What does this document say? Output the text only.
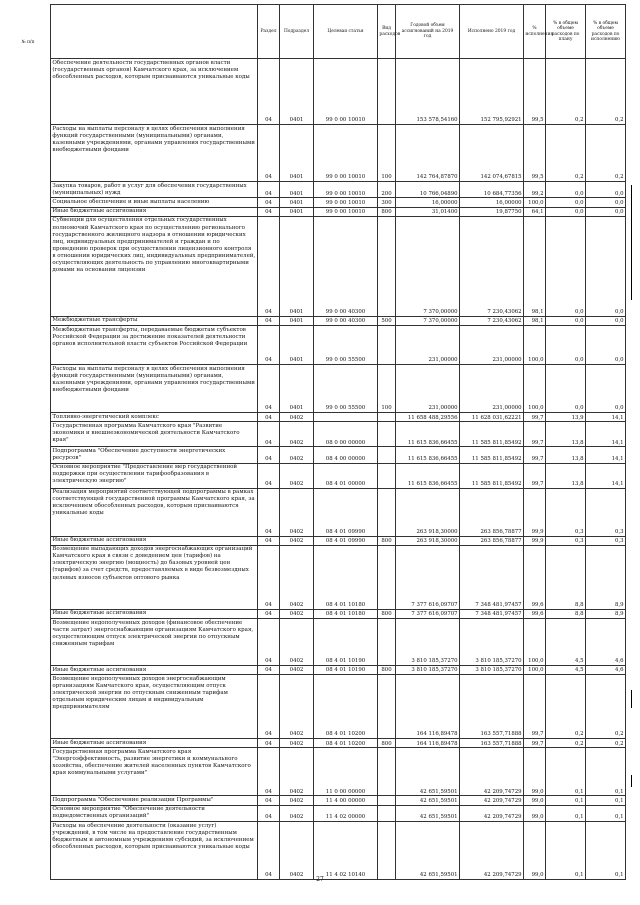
	Раздел	Подраздел	Целевая статья	Вид расходов	Годовой объем ассигнований на 2019 год	Исполнено 2019 год	% исполнения	% в общем объеме расходов по плану	% в общем объеме расходов по исполнению
Обеспечение деятельности государственных органов власти (государственных органов) Камчатского края, за исключением обособленных расходов, которым присваиваются уникальные коды	04	0401	99 0 00 10010		153 578,54160	152 795,92921	99,5	0,2	0,2
Расходы на выплаты персоналу в целях обеспечения выполнения функций государственными (муниципальными) органами, казенными учреждениями, органами управления государственными внебюджетными фондами	04	0401	99 0 00 10010	100	142 764,87870	142 074,67815	99,5	0,2	0,2
Закупка товаров, работ и услуг для обеспечения государственных (муниципальных) нужд	04	0401	99 0 00 10010	200	10 766,04890	10 684,77356	99,2	0,0	0,0
Социальное обеспечение и иные выплаты населению	04	0401	99 0 00 10010	300	16,00000	16,00000	100,0	0,0	0,0
Иные бюджетные ассигнования	04	0401	99 0 00 10010	800	31,01400	19,87750	64,1	0,0	0,0
Субвенции для осуществления отдельных государственных полномочий Камчатского края по осуществлению регионального государственного жилищного надзора в отношении юридических лиц, индивидуальных предпринимателей и граждан и по проведению проверок при осуществлении лицензионного контроля в отношении юридических лиц, индивидуальных предпринимателей, осуществляющих деятельность по управлению многоквартирными домами на основании лицензии	04	0401	99 0 00 40300		7 370,00000	7 230,43062	98,1	0,0	0,0
Межбюджетные трансферты	04	0401	99 0 00 40300	500	7 370,00000	7 230,43062	98,1	0,0	0,0
Межбюджетные трансферты, передаваемые бюджетам субъектов Российской Федерации за достижение показателей деятельности органов исполнительной власти субъектов Российской Федерации	04	0401	99 0 00 55500		231,00000	231,00000	100,0	0,0	0,0
Расходы на выплаты персоналу в целях обеспечения выполнения функций государственными (муниципальными) органами, казенными учреждениями, органами управления государственными внебюджетными фондами	04	0401	99 0 00 55500	100	231,00000	231,00000	100,0	0,0	0,0
Топливно-энергетический комплекс	04	0402			11 658 488,29556	11 628 031,62221	99,7	13,9	14,1
Государственная программа Камчатского края "Развитие экономики и внешнеэкономической деятельности Камчатского края"	04	0402	08 0 00 00000		11 615 836,66455	11 585 811,85492	99,7	13,8	14,1
Подпрограмма "Обеспечение доступности энергетических ресурсов"	04	0402	08 4 00 00000		11 615 836,66455	11 585 811,85492	99,7	13,8	14,1
Основное мероприятие "Предоставление мер государственной поддержки при осуществлении тарифообразования в электрическую энергию"	04	0402	08 4 01 00000		11 615 836,66455	11 585 811,85492	99,7	13,8	14,1
Реализация мероприятий соответствующей подпрограммы в рамках соответствующей государственной программы Камчатского края, за исключением обособленных расходов, которым присваиваются уникальные коды	04	0402	08 4 01 09990		263 918,30000	263 856,78877	99,9	0,3	0,3
Иные бюджетные ассигнования	04	0402	08 4 01 09990	800	263 918,30000	263 856,78877	99,9	0,3	0,3
Возмещение выпадающих доходов энергоснабжающих организаций Камчатского края в связи с доведением цен (тарифов) на электрическую энергию (мощность) до базовых уровней цен (тарифов) за счет средств, предоставляемых в виде безвозмездных целевых взносов субъектов оптового рынка	04	0402	08 4 01 10180		7 377 616,09707	7 348 481,97457	99,6	8,8	8,9
Иные бюджетные ассигнования	04	0402	08 4 01 10180	800	7 377 616,09707	7 348 481,97457	99,6	8,8	8,9
Возмещение недополученных доходов (финансовое обеспечение части затрат) энергоснабжающим организациям Камчатского края, осуществляющим отпуск электрической энергии по отпускным сниженным тарифам	04	0402	08 4 01 10190		3 810 185,37270	3 810 185,37270	100,0	4,5	4,6
Иные бюджетные ассигнования	04	0402	08 4 01 10190	800	3 810 185,37270	3 810 185,37270	100,0	4,5	4,6
Возмещение недополученных доходов энергоснабжающим организациям Камчатского края, осуществляющим отпуск электрической энергии по отпускным сниженным тарифам отдельным юридическим лицам и индивидуальным предпринимателям	04	0402	08 4 01 10200		164 116,89478	163 557,71888	99,7	0,2	0,2
Иные бюджетные ассигнования	04	0402	08 4 01 10200	800	164 116,89478	163 557,71888	99,7	0,2	0,2
Государственная программа Камчатского края "Энергоэффективность, развитие энергетики и коммунального хозяйства, обеспечение жителей населенных пунктов Камчатского края коммунальными услугами"	04	0402	11 0 00 00000		42 651,59501	42 209,74729	99,0	0,1	0,1
Подпрограмма "Обеспечение реализации Программы"	04	0402	11 4 00 00000		42 651,59501	42 209,74729	99,0	0,1	0,1
Основное мероприятие "Обеспечение деятельности подведомственных организаций"	04	0402	11 4 02 00000		42 651,59501	42 209,74729	99,0	0,1	0,1
Расходы на обеспечение деятельности (оказание услуг) учреждений, в том числе на предоставление государственным бюджетным и автономным учреждениям субсидий, за исключением обособленных расходов, которым присваиваются уникальные коды	04	0402	11 4 02 10140		42 651,59501	42 209,74729	99,0	0,1	0,1
№ п/п
27
